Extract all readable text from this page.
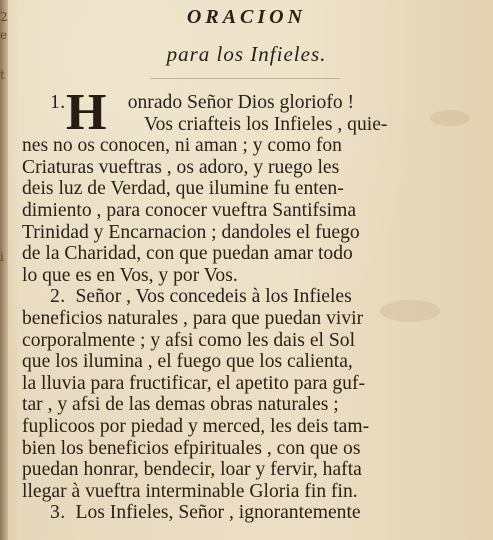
2
e
t
i
ORACION
para los Infieles.
H
1.	onrado Señor Dios gloriofo !
Vos criafteis los Infieles , quie-
nes no os conocen, ni aman ; y como fon
Criaturas vueftras , os adoro, y ruego les
deis luz de Verdad, que ilumine fu enten-
dimiento , para conocer vueftra Santifsima
Trinidad y Encarnacion ; dandoles el fuego
de la Charidad, con que puedan amar todo
lo que es en Vos, y por Vos.
2. Señor , Vos concedeis à los Infieles
beneficios naturales , para que puedan vivir
corporalmente ; y afsi como les dais el Sol
que los ilumina , el fuego que los calienta,
la lluvia para fructificar, el apetito para guf-
tar , y afsi de las demas obras naturales ;
fuplicoos por piedad y merced, les deis tam-
bien los beneficios efpirituales , con que os
puedan honrar, bendecir, loar y fervir, hafta
llegar à vueftra interminable Gloria fin fin.
3. Los Infieles, Señor , ignorantemente
